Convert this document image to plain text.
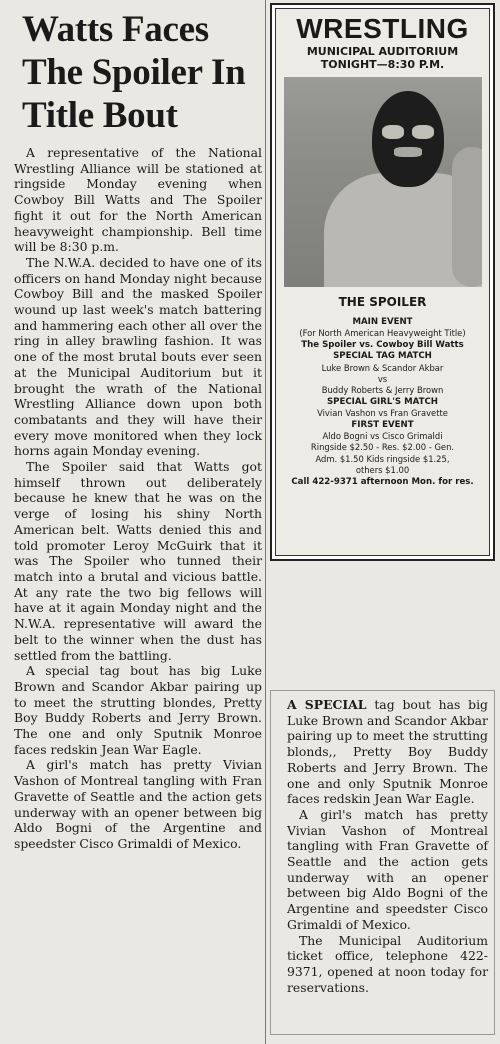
Watts Faces The Spoiler In Title Bout

A representative of the National Wrestling Alliance will be stationed at ringside Monday evening when Cowboy Bill Watts and The Spoiler fight it out for the North American heavyweight championship. Bell time will be 8:30 p.m.

The N.W.A. decided to have one of its officers on hand Monday night because Cowboy Bill and the masked Spoiler wound up last week's match battering and hammering each other all over the ring in alley brawling fashion. It was one of the most brutal bouts ever seen at the Municipal Auditorium but it brought the wrath of the National Wrestling Alliance down upon both combatants and they will have their every move monitored when they lock horns again Monday evening.

The Spoiler said that Watts got himself thrown out deliberately because he knew that he was on the verge of losing his shiny North American belt. Watts denied this and told promoter Leroy McGuirk that it was The Spoiler who tunned their match into a brutal and vicious battle. At any rate the two big fellows will have at it again Monday night and the N.W.A. representative will award the belt to the winner when the dust has settled from the battling.

A special tag bout has big Luke Brown and Scandor Akbar pairing up to meet the strutting blondes, Pretty Boy Buddy Roberts and Jerry Brown. The one and only Sputnik Monroe faces redskin Jean War Eagle.

A girl's match has pretty Vivian Vashon of Montreal tangling with Fran Gravette of Seattle and the action gets underway with an opener between big Aldo Bogni of the Argentine and speedster Cisco Grimaldi of Mexico.

WRESTLING
MUNICIPAL AUDITORIUM
TONIGHT—8:30 P.M.
THE SPOILER
MAIN EVENT
(For North American Heavyweight Title)
The Spoiler vs. Cowboy Bill Watts
SPECIAL TAG MATCH
Luke Brown & Scandor Akbar
vs
Buddy Roberts & Jerry Brown
SPECIAL GIRL'S MATCH
Vivian Vashon vs Fran Gravette
FIRST EVENT
Aldo Bogni vs Cisco Grimaldi
Ringside $2.50 - Res. $2.00 - Gen.
Adm. $1.50 Kids ringside $1.25,
others $1.00
Call 422-9371 afternoon Mon. for res.

A SPECIAL tag bout has big Luke Brown and Scandor Akbar pairing up to meet the strutting blonds,, Pretty Boy Buddy Roberts and Jerry Brown. The one and only Sputnik Monroe faces redskin Jean War Eagle.

A girl's match has pretty Vivian Vashon of Montreal tangling with Fran Gravette of Seattle and the action gets underway with an opener between big Aldo Bogni of the Argentine and speedster Cisco Grimaldi of Mexico.

The Municipal Auditorium ticket office, telephone 422-9371, opened at noon today for reservations.
